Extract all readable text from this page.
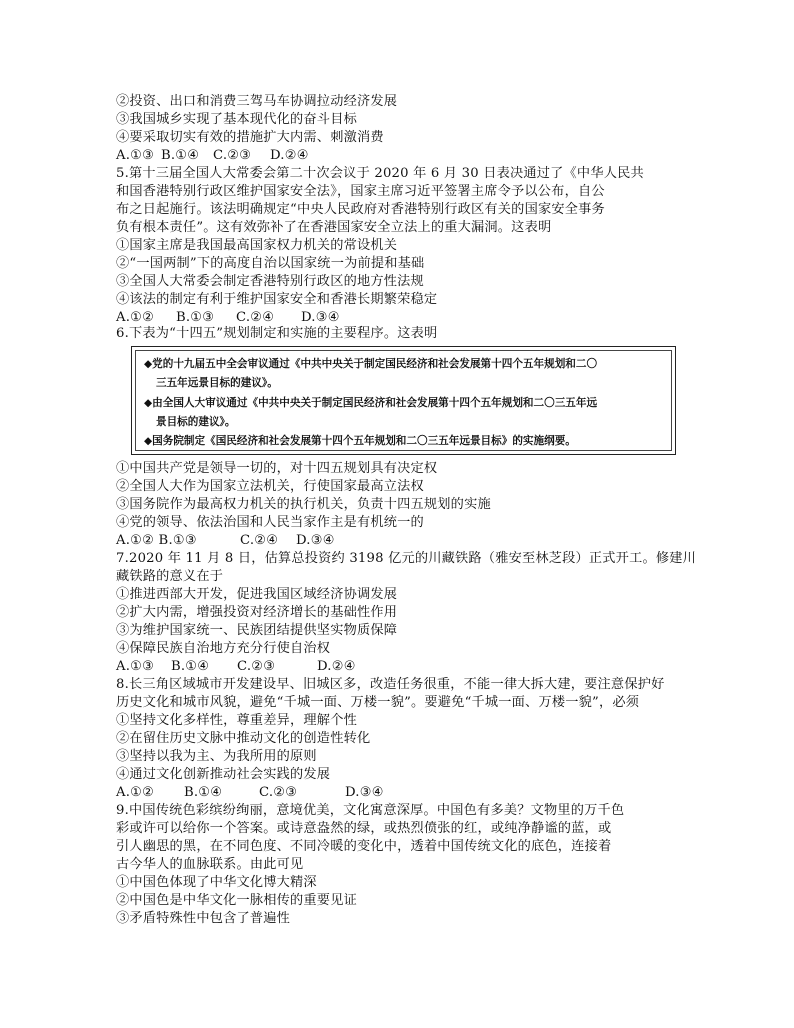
②投资、出口和消费三驾马车协调拉动经济发展
③我国城乡实现了基本现代化的奋斗目标
④要采取切实有效的措施扩大内需、刺激消费
A.①③ B.①④ C.②③ D.②④
5.第十三届全国人大常委会第二十次会议于 2020 年 6 月 30 日表决通过了《中华人民共
和国香港特别行政区维护国家安全法》，国家主席习近平签署主席令予以公布，自公
布之日起施行。该法明确规定“中央人民政府对香港特别行政区有关的国家安全事务
负有根本责任”。这有效弥补了在香港国家安全立法上的重大漏洞。这表明
①国家主席是我国最高国家权力机关的常设机关
②“一国两制”下的高度自治以国家统一为前提和基础
③全国人大常委会制定香港特别行政区的地方性法规
④该法的制定有利于维护国家安全和香港长期繁荣稳定
A.①② B.①③ C.②④ D.③④
6.下表为“十四五”规划制定和实施的主要程序。这表明
◆党的十九届五中全会审议通过《中共中央关于制定国民经济和社会发展第十四个五年规划和二〇
三五年远景目标的建议》。
◆由全国人大审议通过《中共中央关于制定国民经济和社会发展第十四个五年规划和二〇三五年远
景目标的建议》。
◆国务院制定《国民经济和社会发展第十四个五年规划和二〇三五年远景目标》的实施纲要。
①中国共产党是领导一切的，对十四五规划具有决定权
②全国人大作为国家立法机关，行使国家最高立法权
③国务院作为最高权力机关的执行机关，负责十四五规划的实施
④党的领导、依法治国和人民当家作主是有机统一的
A.①② B.①③	C.②④ D.③④
7.2020 年 11 月 8 日，估算总投资约 3198 亿元的川藏铁路（雅安至林芝段）正式开工。修建川
藏铁路的意义在于
①推进西部大开发，促进我国区域经济协调发展
②扩大内需，增强投资对经济增长的基础性作用
③为维护国家统一、民族团结提供坚实物质保障
④保障民族自治地方充分行使自治权
A.①③ B.①④ C.②③	D.②④
8.长三角区域城市开发建设早、旧城区多，改造任务很重，不能一律大拆大建，要注意保护好
历史文化和城市风貌，避免“千城一面、万楼一貌”。要避免“千城一面、万楼一貌”，必须
①坚持文化多样性，尊重差异，理解个性
②在留住历史文脉中推动文化的创造性转化
③坚持以我为主、为我所用的原则
④通过文化创新推动社会实践的发展
A.①② B.①④	C.②③	D.③④
9.中国传统色彩缤纷绚丽，意境优美，文化寓意深厚。中国色有多美？文物里的万千色
彩或许可以给你一个答案。或诗意盎然的绿，或热烈偾张的红，或纯净静谧的蓝，或
引人幽思的黑，在不同色度、不同冷暖的变化中，透着中国传统文化的底色，连接着
古今华人的血脉联系。由此可见
①中国色体现了中华文化博大精深
②中国色是中华文化一脉相传的重要见证
③矛盾特殊性中包含了普遍性
